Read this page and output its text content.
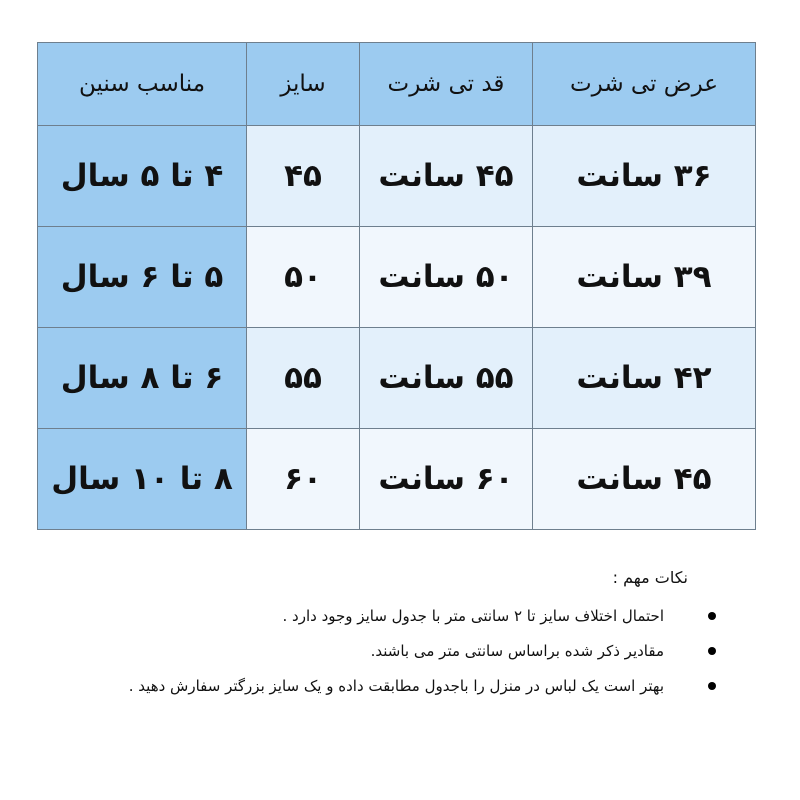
عرض تی شرت	قد تی شرت	سایز	مناسب سنین
۳۶ سانت	۴۵ سانت	۴۵	۴ تا ۵ سال
۳۹ سانت	۵۰ سانت	۵۰	۵ تا ۶ سال
۴۲ سانت	۵۵ سانت	۵۵	۶ تا ۸ سال
۴۵ سانت	۶۰ سانت	۶۰	۸ تا ۱۰ سال

نکات مهم :

احتمال اختلاف سایز تا ۲ سانتی متر با جدول سایز وجود دارد .
مقادیر ذکر شده براساس سانتی متر می باشند.
بهتر است یک لباس در منزل را باجدول مطابقت داده و یک سایز بزرگتر سفارش دهید .
